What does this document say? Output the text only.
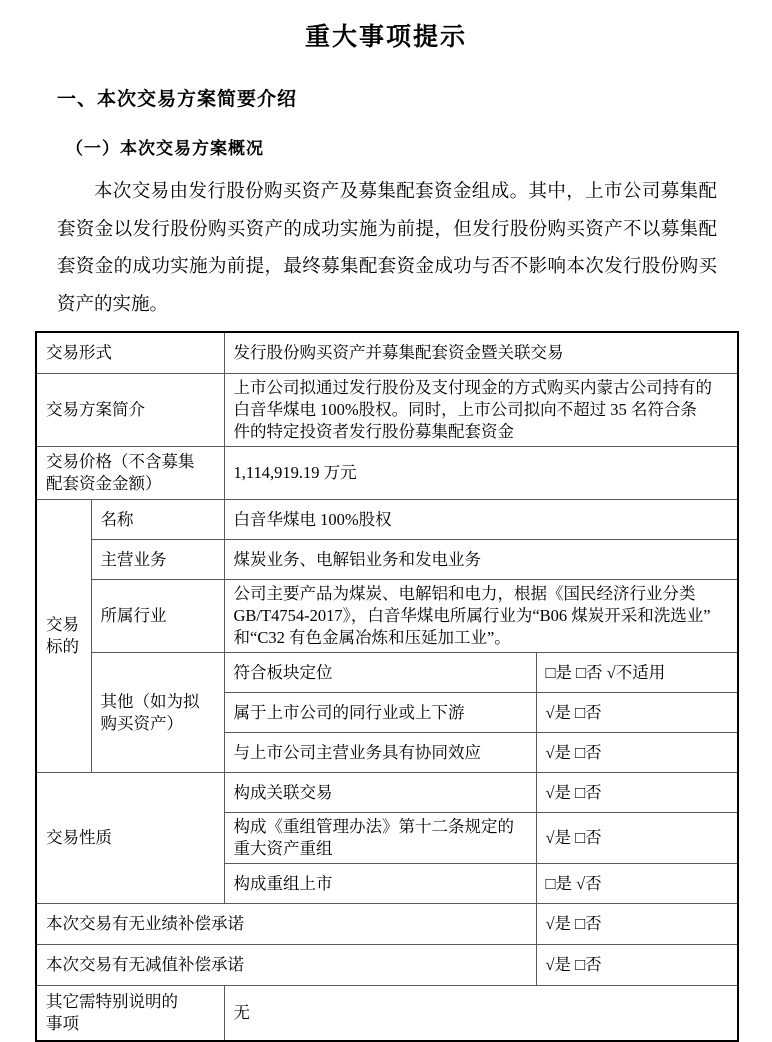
重大事项提示
一、本次交易方案简要介绍
（一）本次交易方案概况

本次交易由发行股份购买资产及募集配套资金组成。其中，上市公司募集配套资金以发行股份购买资产的成功实施为前提，但发行股份购买资产不以募集配套资金的成功实施为前提，最终募集配套资金成功与否不影响本次发行股份购买资产的实施。

交易形式		发行股份购买资产并募集配套资金暨关联交易	
交易方案简介		上市公司拟通过发行股份及支付现金的方式购买内蒙古公司持有的白音华煤电 100%股权。同时，上市公司拟向不超过 35 名符合条件的特定投资者发行股份募集配套资金	
交易价格（不含募集配套资金金额）		1,114,919.19 万元	
交易标的	名称	白音华煤电 100%股权	
	主营业务	煤炭业务、电解铝业务和发电业务	
	所属行业	公司主要产品为煤炭、电解铝和电力，根据《国民经济行业分类GB/T4754-2017》，白音华煤电所属行业为“B06 煤炭开采和洗选业”和“C32 有色金属冶炼和压延加工业”。	
	其他（如为拟购买资产）	符合板块定位	□是 □否 √不适用
		属于上市公司的同行业或上下游	√是 □否
		与上市公司主营业务具有协同效应	√是 □否
交易性质		构成关联交易	√是 □否
		构成《重组管理办法》第十二条规定的重大资产重组	√是 □否
		构成重组上市	□是 √否
本次交易有无业绩补偿承诺			√是 □否
本次交易有无减值补偿承诺			√是 □否
其它需特别说明的事项		无	
